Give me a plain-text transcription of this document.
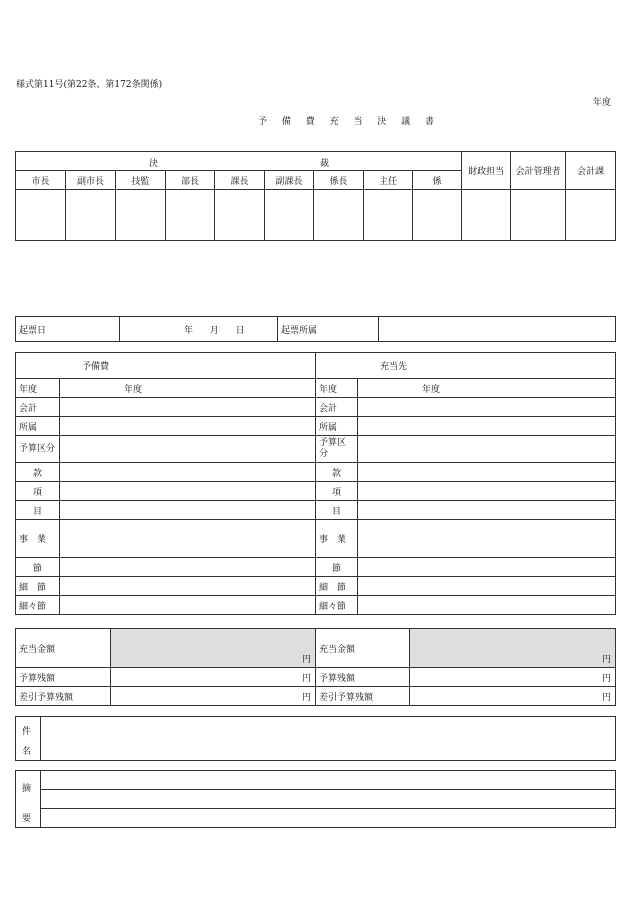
様式第11号(第22条、第172条関係)
年度
予 備 費 充 当 決 議 書
決 裁									財政担当	会計管理者	会計課
市長	副市長	技監	部長	課長	副課長	係長	主任	係			

起票日	年 月 日	起票所属	
予備費		充当先	
年度	年度	年度	年度
会計		会計	
所属		所属	
予算区分		予算区分	
款		款	
項		項	
目		目	
事　業		事　業	
節		節	
細　節		細　節	
細々節		細々節	
充当金額	円	充当金額	円

予算残額	円	予算残額	円

差引予算残額	円	差引予算残額	円
件
名

摘
要
